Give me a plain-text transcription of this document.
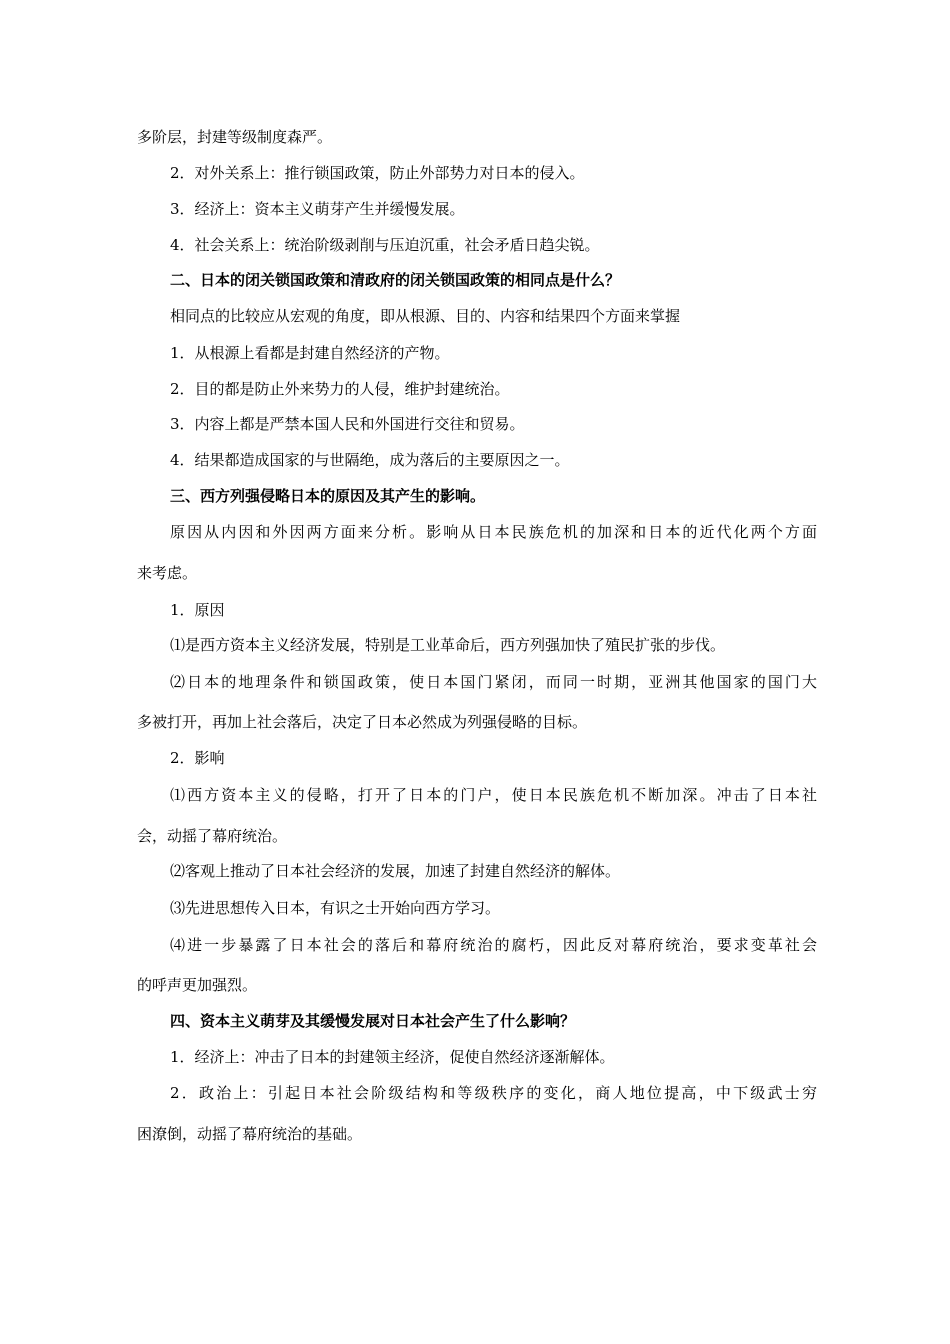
多阶层，封建等级制度森严。
2．对外关系上：推行锁国政策，防止外部势力对日本的侵入。
3．经济上：资本主义萌芽产生并缓慢发展。
4．社会关系上：统治阶级剥削与压迫沉重，社会矛盾日趋尖锐。
二、日本的闭关锁国政策和清政府的闭关锁国政策的相同点是什么？
相同点的比较应从宏观的角度，即从根源、目的、内容和结果四个方面来掌握
1．从根源上看都是封建自然经济的产物。
2．目的都是防止外来势力的人侵，维护封建统治。
3．内容上都是严禁本国人民和外国进行交往和贸易。
4．结果都造成国家的与世隔绝，成为落后的主要原因之一。
三、西方列强侵略日本的原因及其产生的影响。
原因从内因和外因两方面来分析。影响从日本民族危机的加深和日本的近代化两个方面
来考虑。
1．原因
⑴是西方资本主义经济发展，特别是工业革命后，西方列强加快了殖民扩张的步伐。
⑵日本的地理条件和锁国政策，使日本国门紧闭，而同一时期，亚洲其他国家的国门大
多被打开，再加上社会落后，决定了日本必然成为列强侵略的目标。
2．影响
⑴西方资本主义的侵略，打开了日本的门户，使日本民族危机不断加深。冲击了日本社
会，动摇了幕府统治。
⑵客观上推动了日本社会经济的发展，加速了封建自然经济的解体。
⑶先进思想传入日本，有识之士开始向西方学习。
⑷进一步暴露了日本社会的落后和幕府统治的腐朽，因此反对幕府统治，要求变革社会
的呼声更加强烈。
四、资本主义萌芽及其缓慢发展对日本社会产生了什么影响？
1．经济上：冲击了日本的封建领主经济，促使自然经济逐渐解体。
2．政治上：引起日本社会阶级结构和等级秩序的变化，商人地位提高，中下级武士穷
困潦倒，动摇了幕府统治的基础。
